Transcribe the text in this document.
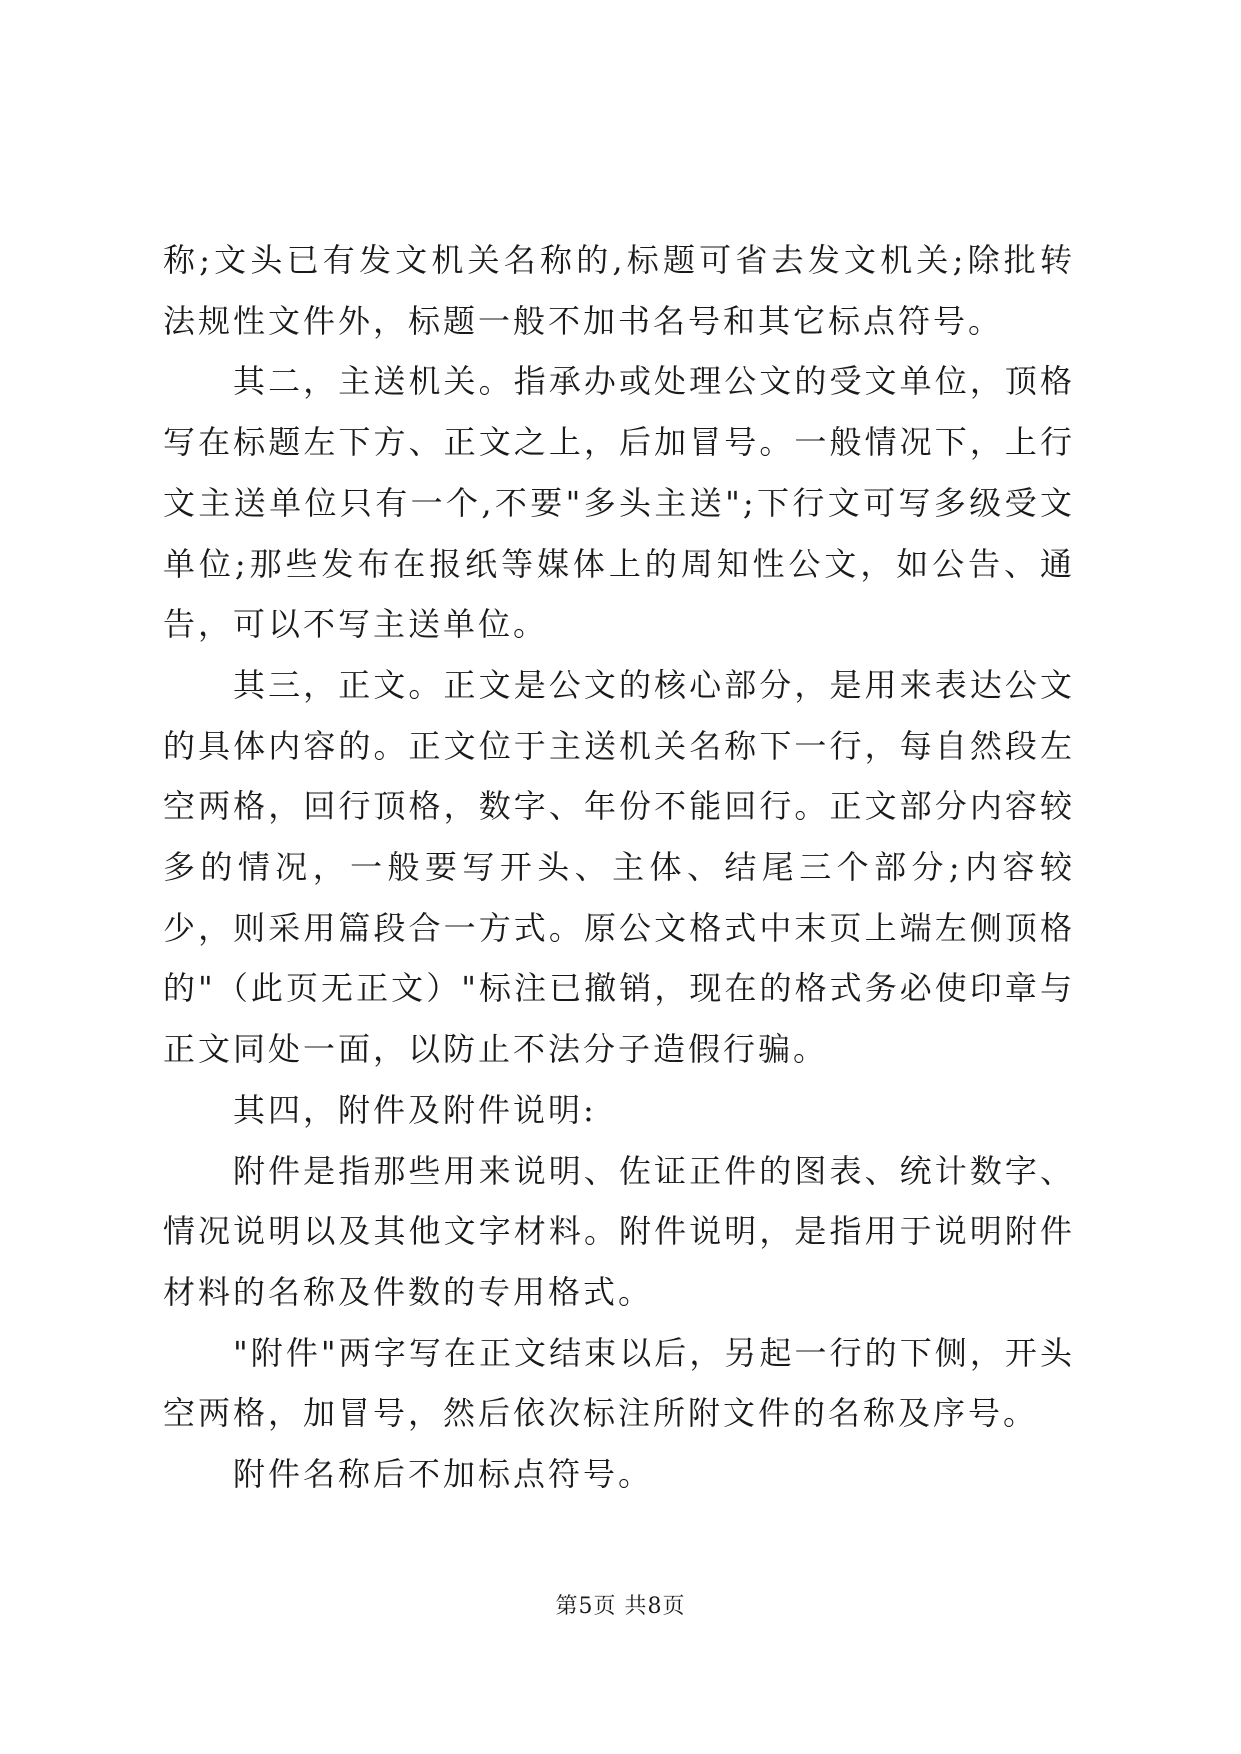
称;文头已有发文机关名称的,标题可省去发文机关;除批转法规性文件外，标题一般不加书名号和其它标点符号。

其二，主送机关。指承办或处理公文的受文单位，顶格写在标题左下方、正文之上，后加冒号。一般情况下，上行文主送单位只有一个,不要"多头主送";下行文可写多级受文单位;那些发布在报纸等媒体上的周知性公文，如公告、通告，可以不写主送单位。

其三，正文。正文是公文的核心部分，是用来表达公文的具体内容的。正文位于主送机关名称下一行，每自然段左空两格，回行顶格，数字、年份不能回行。正文部分内容较多的情况，一般要写开头、主体、结尾三个部分;内容较少，则采用篇段合一方式。原公文格式中末页上端左侧顶格的"（此页无正文）"标注已撤销，现在的格式务必使印章与正文同处一面，以防止不法分子造假行骗。

其四，附件及附件说明:

附件是指那些用来说明、佐证正件的图表、统计数字、情况说明以及其他文字材料。附件说明，是指用于说明附件材料的名称及件数的专用格式。

"附件"两字写在正文结束以后，另起一行的下侧，开头空两格，加冒号，然后依次标注所附文件的名称及序号。

附件名称后不加标点符号。

第5页 共8页
